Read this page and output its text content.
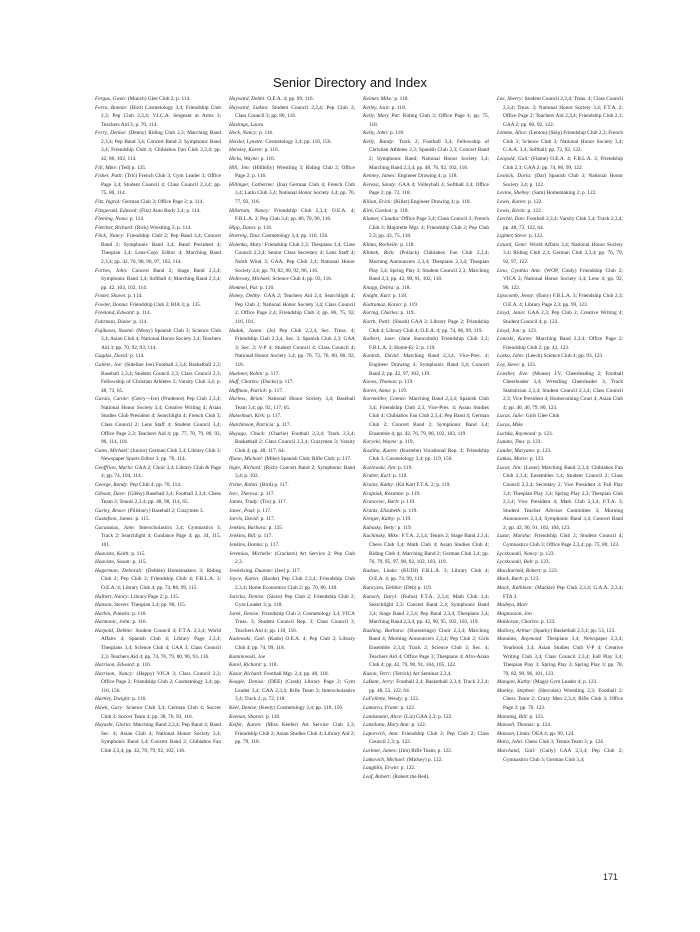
Senior Directory and Index

Fergus, Gwen: (Munch) Glee Club 2; p. 114.

Ferra, Bonnie: (Bird) Cosmetology 3,4; Friendship Club 2,3; Pep Club 2,3,4; V.I.C.A. Sergeant at Arms 3; Teachers Aid 3; p. 70, 114.

Ferry, Denise: (Denny) Riding Club 2,3; Marching Band 2,3,4; Pep Band 3,4; Concert Band 2; Symphonic Band 3,4; Friendship Club 4; Chibiabos Fan Club 2,3,4; pp. 42, 86, 102, 114.

Fill, Mike: (Ted) p. 135.

Fisher, Patti: (Tric) French Club 3; Gym Leader 3; Office Page 3,4; Student Council 4; Class Council 2,3,4; pp. 75, 80, 114.

Fitz, Ingrid: German Club 3; Office Page 2; p. 114.

Fitzgerald, Edward: (Fitz) Auto Body 3,4; p. 114.

Fleming, Nona: p. 114.

Fletcher, Richard: (Rick) Wrestling 3; p. 114.

Flick, Nancy: Friendship Club 2; Pep Band 3,4; Concert Band 2; Symphonic Band 3,4; Band President 4; Thespian 3,4; Lens-Copy Editor 4; Marching Band 2,3,4; pp. 42, 70, 90, 96, 97, 102, 114.

Forbes, John: Concert Band 2; Stage Band 2,3,4; Symphonic Band 3,4; Softball 4; Marching Band 2,3,4; pp. 42, 103, 102, 114.

Foster, Shawn: p. 114.

Fowler, Donna: Friendship Club 3; BIA 3; p. 135.

Freeland, Edward: p. 114.

Fuhrman, Diane: p. 114.

Fujikawa, Naomi: (Mony) Spanish Club 3; Science Club 3,4; Asian Club 4; National Honor Society 3,4; Teachers Aid 3; pp. 70, 92, 93, 114.

Gagdos, David: p. 114.

Gallete, Joe: (Sideline Joe) Football 2,3,4; Basketball 2,3; Baseball 2,3,4; Student Council 2,3; Class Council 2,3; Fellowship of Christian Athletes 3; Varsity Club 3,4; p. 48, 73, 65.

Garais, Carole: (Gerry—Ice) (Prudence) Pep Club 2,3,4; National Honor Society 3,4; Creative Writing 4; Asian Studies Club President 4; Searchlight 4; French Club 3; Class Council 2; Lens Staff 4; Student Council 3,4; Office Page 2,3; Teachers Aid 4; pp. 77, 78, 79, 80, 92, 96, 114, 101.

Gates, Michael: (Junior) German Club 3,4; Library Club 3; Newspaper Sports Editor 3; pp. 76, 114.

Geoffrion, Marla: GAA 2; Choir 3,4; Library Club & Page 4; pp. 74, 104, 114.

George, Randy: Pep Club 4; pp. 70, 114.

Gibson, Dave: (Gibby) Baseball 3,4; Football 2,3,4; Chess Team 3; Tennis 2,3,4; pp. 48, 98, 114, 65.

Gurley, Bruce: (Pillsbury) Baseball 2; Crazymen 3.

Gustafson, James: p. 115.

Gacauskas, Jane: Interscholastics 3,4; Gymnastics 3; Track 2; Searchlight 4; Guidance Page 4; pp. 34, 115, 101.

Haavisto, Keith: p. 115.

Haavisto, Susan: p. 115.

Hagerman, Deborah: (Debbie) Homemakers 3; Riding Club 2; Pep Club 2; Friendship Club 4; F.B.L.A. 3; O.E.A. 4; Library Club 4; pp. 74, 86, 99, 115.

Halbert, Nancy: Library Page 2; p. 115.

Hanson, Steven: Thespian 3,4; pp. 90, 115.

Harbin, Pamela: p. 116.

Harmonic, John: p. 116.

Harpold, Debbie: Student Council 4; F.T.A. 2,3,4; World Affairs 4; Spanish Club 4; Library Page 2,3,4; Thespians 3,4; Science Club 4; GAA 3; Class Council 2,3; Teachers Aid 4; pp. 74, 76, 79, 80, 90, 93, 116.

Harrison, Edward: p. 116.

Harrison, Nancy: (Happy) VICA 3; Class Council 2,3; Office Page 2; Friendship Club 2; Cosmetology 3,4; pp. 116, 156.

Hartley, Dwight: p. 116.

Hawk, Gary: Science Club 3,4; German Club 4; Soccer Club 3; Soccer Team 4; pp. 38, 76, 93, 116.

Hayashi, Gloria: Marching Band 2,3,4; Pep Band 4; Band Sec. 4; Asian Club 4; National Honor Society 3,4; Symphonic Band 3,4; Concert Band 2; Chibiabos Fan Club 2,3,4; pp. 42, 70, 79, 92, 102, 116.

Hayward, Debbi: O.E.A. 4; pp. 99, 116.

Hayward, LuAnn: Student Council 2,3,4; Pep Club 3; Class Council 3; pp. 80, 116.

Hastings, Laura

Heck, Nancy: p. 116.

Heisler, Lynette: Cosmetology 3,4; pp. 116, 156.

Hensley, Karen: p. 116.

Hicks, Wayne: p. 116.

Hill, Jim: (Hillbilly) Wrestling 3; Riding Club 2; Office Page 2; p. 116.

Hillinger, Catherine: (Ina) German Club 4; French Club 3,4; Latin Club 3,4; National Honor Society 3,4; pp. 76, 77, 92, 116.

Hillstrom, Nancy: Friendship Club 2,3,4; O.E.A. 4; F.B.L.A. 3; Pep Club 3,4; pp. 86, 70, 90, 116.

Hipp, Dawn: p. 116.

Hoernig, Tina: Cosmetology 3,4; pp. 116, 156.

Holenka, Mary: Friendship Club 2,3; Thespians 3,4; Class Council 2,3,4; Senior Class Secretary 4; Lens Staff 4; North Wind 3; GAA; Pep Club 3,4; National Honor Society 3,4; pp. 70, 82, 90, 92, 96, 116.

Holloway, Michael: Science Club 4; pp. 93, 116.

Hommel, Pat: p. 116.

Honey, Debby: GAA 2; Teachers Aid 2,4; Searchlight 4; Pep Club 3; National Honor Society 3,4; Class Council 2; Office Page 2,4; Friendship Club 3; pp. 86, 75, 92, 116, 101.

Hudak, Joann: (Jo) Pep Club 2,3,4, Sec. Treas. 4; Friendship Club 2,3,4, Sec. 3; Spanish Club 2,3; GAA 3; Sec. 2; V-P 4; Student Council 4; Class Council 4; National Honor Society 3,4; pp. 70, 72, 76, 80, 86, 92, 116.

Huebner, Robin: p. 117.

Huff, Charles: (Ducks) p. 117.

Huffman, Patrick: p. 117.

Hurless, Brian: National Honor Society 3,4; Baseball Team 3,4; pp. 92, 117, 65.

Hutselman, Kirk: p. 117.

Hutchinson, Patricia: p. 117.

Huyaga, Chuck: (Charlie) Football 2,3,4; Track 2,3,4; Basketball 2; Class Council 2,3,4; Crazymen 3; Varsity Club 4; pp. 48, 117, 64.

Ifiano, Michael: (Mike) Spanish Club; Rifle Club; p. 117.

Ingle, Richard: (Rich) Concert Band 2; Symphonic Band 3,4; p. 102.

Irvine, Robin: (Bird) p. 117.

Ivec, Theresa: p. 117.

James, Trudy: (Tru) p. 117.

Janec, Paul: p. 117.

Jarvis, David: p. 117.

Jenkins, Barbara: p. 135.

Jenkins, Bill: p. 117.

Jenkins, Donna: p. 117.

Jeremias, Michelle: (Crackers) Art Service 2; Pep Club 2,3.

Jewkelsing, Duanne: (Jeo) p. 117.

Joyce, Karen: (Boobs) Pep Club 2,3,4; Friendship Club 2,3,4; Home Economics Club 2; pp. 70, 86, 118.

Juricka, Denise: (Slave) Pep Club 2; Friendship Club 2; Gym Leader 3; p. 118.

Jurek, Denise: Friendship Club 2; Cosmetology 3,4; VICA Treas. 3; Student Council Rep. 3; Class Council 3; Teachers Aid 4; pp. 118, 156.

Kadowaki, Gail: (Kado) O.E.A. 4; Pep Club 2; Library Club 4; pp. 74, 99, 118.

Kaminowski, Joe

Karel, Richard: p. 118.

Kazar, Richard: Football Mgr. 2,4; pp. 48, 118.

Keagle, Denise: (DEE) (Crash) Library Page 2; Gym Leader 3,4; GAA 2,3,4; Rifle Team 3; Interscholastics 3,4; Track 2; p. 72, 118.

Keel, Denise: (Keely) Cosmetology 3,4; pp. 118, 156.

Keenan, Sharon: p. 118.

Keifer, Karen: (Miss Keefer) Art Service Club 2,3; Friendship Club 2; Asian Studies Club 4; Library Aid 2; pp. 79, 118.

Keimer, Mike: p. 118.

Kelley, Jack: p. 118.

Kelly, Mary Pat: Riding Club 3; Office Page 4; pp. 75, 118.

Kelly, John: p. 118.

Kelly, Randy: Track 2; Football 3,4; Fellowship of Christian Athletes 2,3; Spanish Club 2,3; Concert Band 2; Symphonic Band; National Honor Society 3,4; Marching Band 2,3,4; pp. 48, 76, 92, 102, 118.

Kenney, James: Engineer Drawing 4; p. 118.

Kerezsi, Sandy: GAA 4; Volleyball 4; Softball 3,4; Office Page 2; pp. 72, 118.

Kilian, Erick: (Killer) Engineer Drawing 4; p. 118.

Kirk, Gordon: p. 118.

Klamer, Claudia: Office Page 3,4; Class Council 3; French Club 3; Majorette Mgr. 4; Friendship Club 2; Pep Club 2,3; pp. 43, 75, 118.

Klima, Rochelle: p. 118.

Klimek, Rick: (Pollack) Chibiabos Fan Club 2,3,4; Morning Announcers 2,3,4; Thespians 2,3,4; Thespian Play 3,4; Spring Play 3; Student Council 2,3; Marching Band 2,3; pp. 42, 90, 91, 102, 118.

Knapp, Debra: p. 118.

Knight, Kurt: p. 118.

Kodramaz, Karen: p. 119.

Kornig, Charles: p. 119.

Korth, Patti: (Shush) GAA 2; Library Page 2; Friendship Club 4; Library Club 4; O.E.A. 4; pp. 74, 86, 99, 119.

Kolbert, Jane: (Jane Stancolmb) Friendship Club 2,3; F.B.L.A. 3; Home-Ec 2; p. 119.

Konitsh, David: Marching Band 2,3,4; Vice-Pres. 4; Engineer Drawing 4; Symphonic Band 3,4; Concert Band 2; pp. 42, 97, 102, 119.

Koons, Thomas: p. 119.

Koren, Anna: p. 119.

Kornmiller, Connie: Marching Band 2,3,4; Spanish Club 3,4; Friendship Club 2,3, Vice-Pres. 4; Asian Studies Club 4; Chibiabos Fan Club 2,3,4; Pep Band 4; German Club 2; Concert Band 2; Symphonic Band 3,4; Ensemble 4; pp. 42, 76, 79, 86, 102, 103, 119.

Korycki, Wayne: p. 119.

Kostiha, Karen: (Kostebe) Vocational Rep. 4; Friendship Club 3; Cosmetology 3,4; pp. 119, 156.

Kozlowski, Jim: p. 119.

Kraber, Karl: p. 119.

Krainz, Kathy: (Kit Kat) F.T.A. 2; p. 119.

Krajniak, Roxanne: p. 119.

Krancevic, Barb: p. 119.

Krantz, Elizabeth: p. 119.

Kreiger, Kathy: p. 119.

Kubasky, Betty: p. 119.

Kuchinsky, Mike: F.T.A. 2,3,4; Tennis 2; Stage Band 2,3,4; Chess Club 3,4; Math Club 4; Asian Studies Club 4; Riding Club 4; Marching Band 2; German Club 3,4; pp. 76, 79, 95, 97, 98, 92, 102, 103, 119.

Kudzus, Linda: (KUDJ) F.B.L.A. 3; Library Club 4; O.E.A. 4; pp. 74, 99, 119.

Kuncyzes, Debbie: (Deb) p. 119.

Kunsch, Daryl: (Rufus) F.T.A. 2,3,4; Math Club 3,4; Searchlight 2,3; Concert Band 2,4; Symphonic Band 3,4; Stage Band 2,3,4; Pep Band 2,3,4; Thespians 3,4; Marching Band 2,3,4; pp. 42, 90, 95, 102, 103, 119.

Kushing, Barbara: (Shoestrings) Choir 2,3,4; Marching Band 4; Morning Announcers 2,3,4; Pep Club 2; Girls Ensemble 2,3,4; Track 2; Science Club 3; Sec. 4; Teachers Aid 4; Office Page 3; Thespians 4; Afro-Asian Club 4; pp. 42, 79, 90, 91, 104, 105, 122.

Kuzon, Terri: (Terrick) Art Seminar 2,3,4.

LaBant, Jerry: Football 2,4; Basketball 2,3,4; Track 2,3,4; pp. 48, 53, 122, 64.

LaFollette, Wendy: p. 122.

Lamarca, Frank: p. 122.

Landsmann, Alice: (Liz) GAA 2,3; p. 122.

Lanzilotta, Mary Ann: p. 122.

Laporvich, Ann: Friendship Club 2; Pep Club 2; Class Council 2,3; p. 122.

Larimer, James: (Jim) Rifle Team; p. 122.

Latkovich, Michael: (Mickey) p. 122.

Laughlin, Erwin: p. 122.

Leaf, Robert: (Robert the Red).

Lee, Sherry: Student Council 2,3,4; Treas. 4; Class Council 2,3,4; Treas. 3; National Honor Society 3,4; F.T.A. 2; Office Page 2; Teachers Aid 2,3,4; Friendship Club 2,3; GAA 2; pp. 80, 92, 122.

Lemme, Alice: (Lemon) (Skip) Friendship Club 2,3; French Club 3; Science Club 3; National Honor Society 3,4; G.A.A. 3,4; Softball; pp. 72, 92, 122.

Leopold, Gail: (Flame) O.E.A. 4; F.B.L.A. 3; Friendship Club 2,3; GAA 2; pp. 74, 86, 99, 122.

Lesnick, Darla: (Dar) Spanish Club 3; National Honor Society 3,4; p. 122.

Levine, Shelley: (Sam) Homemaking 2; p. 122.

Lewis, Karen: p. 122.

Lewis, Kevin: p. 122.

Liechti, Dan: Football 2,3,4; Varsity Club 3,4; Track 2,3,4; pp. 48, 73, 122, 64.

Lighter, Steve: p. 122.

Linard, Gene: World Affairs 3,4; National Honor Society 3,4; Riding Club 2,3; German Club 2,3,4; pp. 76, 79, 92, 97, 122.

Lino, Cynthia Ann: (WOP, Cindy) Friendship Club 2; VICA 3; National Honor Society 3,4; Lens 4; pp. 92, 96, 122.

Lipscomb, Jenny: (Enny) F.B.L.A. 3; Friendship Club 2,3; O.E.A. 4; Library Page 2,3; pp. 99, 123.

Lloyd, Janis: GAA 2,3; Pep Club 2; Creative Writing 4; Student Council 4; p. 123.

Lloyd, Jon: p. 123.

Loneski, Karen: Marching Band 2,3,4; Office Page 2; Friendship Club 2; pp. 42, 123.

Losko, John: (Leech) Science Club 4; pp. 93, 123.

Loy, Steve: p. 123.

Lowther, Eve: (Mouse) J.V. Cheerleading 2; Football Cheerleader 3,4; Wrestling Cheerleader 3; Track Statistician 2,3,4; Student Council 2,3,4; Class Council 2,3; Vice President 4; Homecoming Court 4; Asian Club 4; pp. 40, 46, 79, 80, 123.

Lucas, Julie: Girls Glee Club

Lucas, Mike

Luchka, Raymond: p. 123.

Lunato, Tina: p. 123.

Lunder, Maryann: p. 123.

Lutkus, Marie: p. 123.

Lucar, Jim: (Loser) Marching Band 2,3,4; Chibiabos Fan Club 2,3,4; Ensembles 3,4; Student Council 2; Class Council 2,3,4; Secretary 2; Vice President 3; Fall Play 3,4; Thespian Play 3,4; Spring Play 2,3; Thespian Club 2,3,4; Vice President 4; Math Club 2,3,4; F.T.A. 3; Student Teacher Advisor Committee 3; Morning Announcers 2,3,4; Symphonic Band 3,4; Concert Band 2; pp. 42, 90, 91, 102, 104, 123.

Luzar, Marsha: Friendship Club 2; Student Council 4; Gymnastics Club 3; Office Page 2,3,4; pp. 75, 80, 123.

Lyczkowski, Nancy: p. 123.

Lyczkowski, Bob: p. 123.

Macdiarmid, Robert: p. 123.

Mack, Barb: p. 123.

Mack, Kathleen: (Mackie) Pep Club 2,3,4; G.A.A. 2,3,4; FTA 3.

Madeya, Marc

Magnusson, Jon

Maldovan, Charles: p. 123.

Mallory, Arthur: (Sparky) Basketball 2,3,4; pp. 53, 123.

Mandato, Raymond: Thespians 3,4; Newspaper 2,3,4; Yearbook 3,4; Asian Studies Club V-P 4; Creative Writing Club 3,4; Class Council 2,3,4; Fall Play 3,4; Thespian Play 3; Spring Play 3; Spring Play 3; pp. 78, 79, 82, 90, 96, 101, 123.

Mangan, Kathy: (Mags) Gym Leader 4; p. 123.

Manley, Stephen: (Hercules) Wrestling 2,3; Football 2; Chess Team 2; Crazy Men 2,3,4; Rifle Club 3; Office Page 2; pp. 70, 123.

Manning, Bill: p. 123.

Mansell, Thomas: p. 124.

Manson, Linda: OEA 4; pp. 99, 124.

Mara, John: Chess Club 3; Tennis Team 3; p. 124.

Marchand, Gail: (Gaily) GAA 2,3,4; Pep Club 2; Gymnastics Club 3; German Club 3,4;

171
